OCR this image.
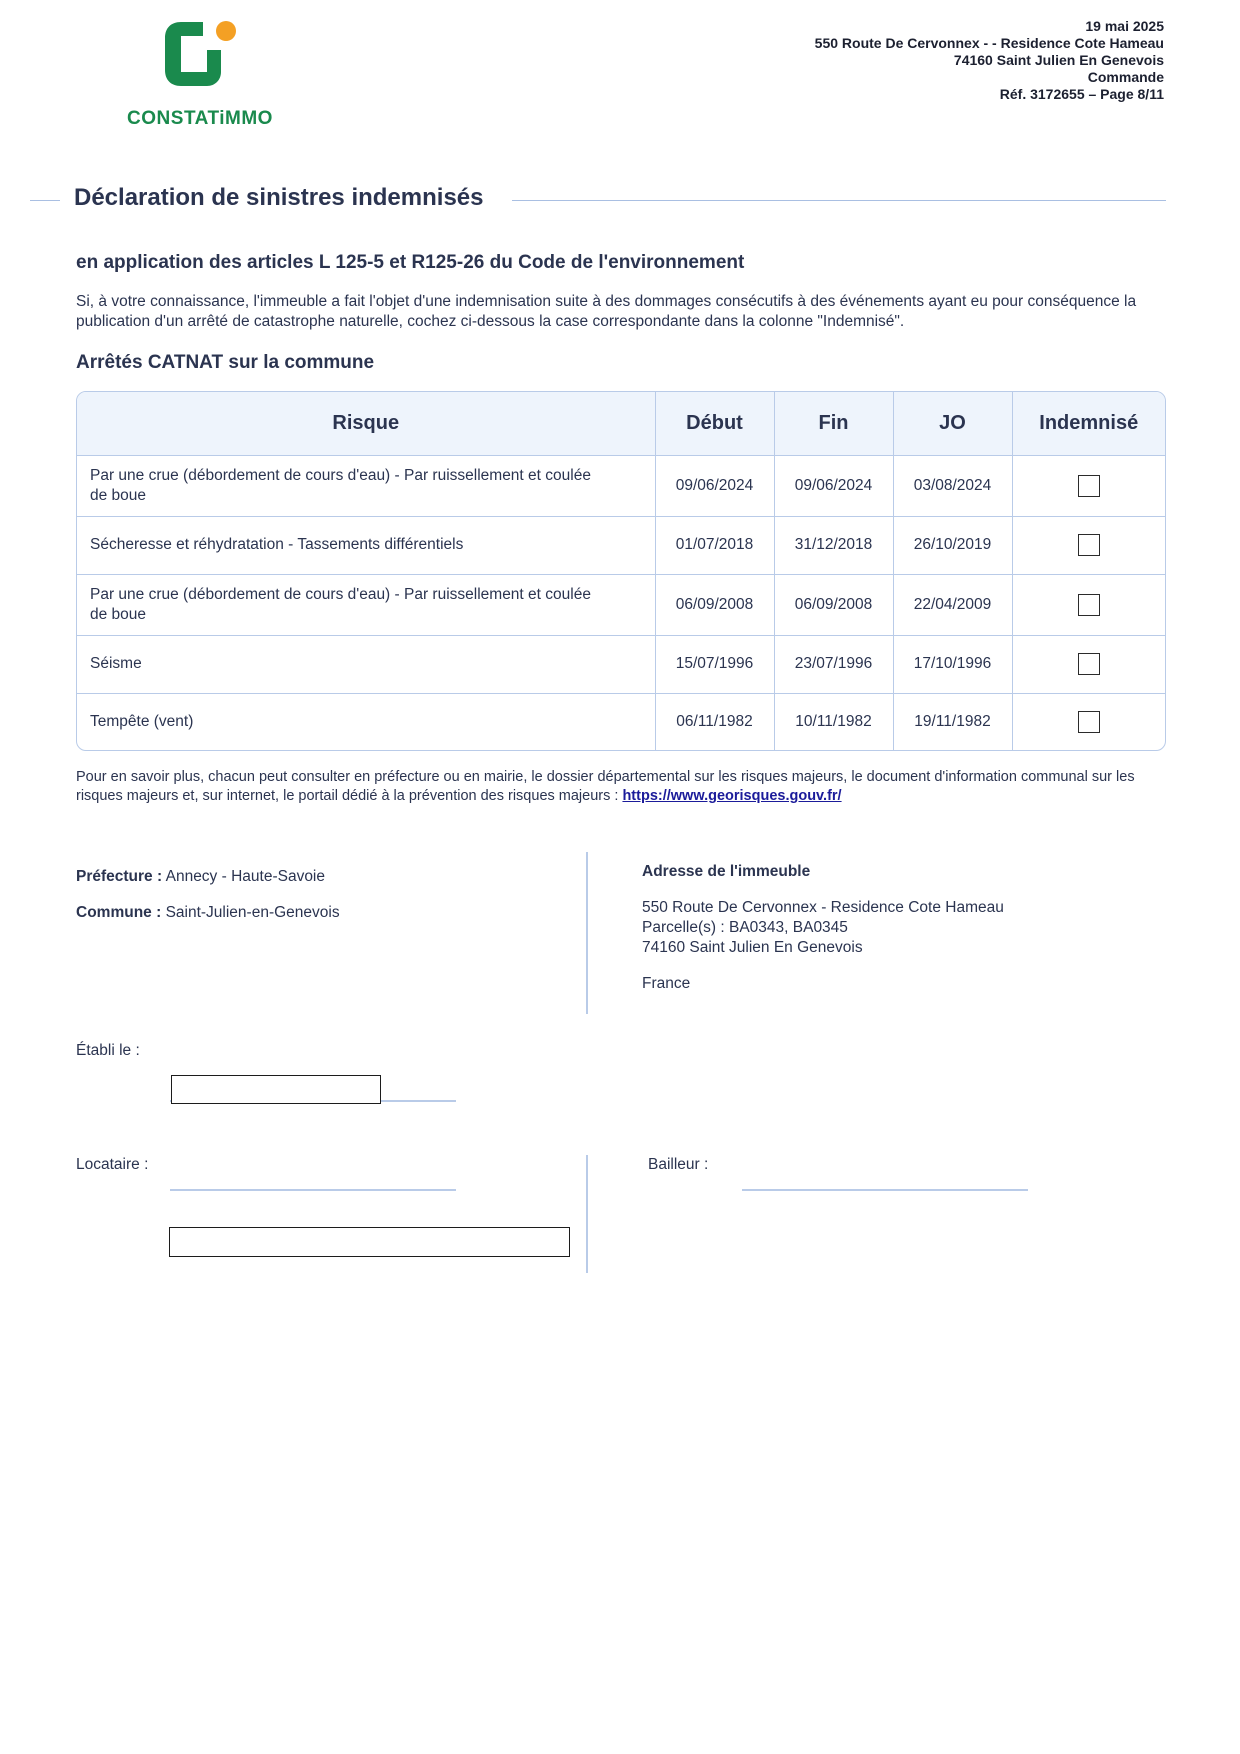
CONSTATiMMO
19 mai 2025
550 Route De Cervonnex - - Residence Cote Hameau
74160 Saint Julien En Genevois
Commande
Réf. 3172655 – Page 8/11
Déclaration de sinistres indemnisés
en application des articles L 125-5 et R125-26 du Code de l'environnement
Si, à votre connaissance, l'immeuble a fait l'objet d'une indemnisation suite à des dommages consécutifs à des événements ayant eu pour conséquence la publication d'un arrêté de catastrophe naturelle, cochez ci-dessous la case correspondante dans la colonne "Indemnisé".
Arrêtés CATNAT sur la commune
Risque	Début	Fin	JO	Indemnisé
Par une crue (débordement de cours d'eau) - Par ruissellement et coulée de boue	09/06/2024	09/06/2024	03/08/2024	
Sécheresse et réhydratation - Tassements différentiels	01/07/2018	31/12/2018	26/10/2019	
Par une crue (débordement de cours d'eau) - Par ruissellement et coulée de boue	06/09/2008	06/09/2008	22/04/2009	
Séisme	15/07/1996	23/07/1996	17/10/1996	
Tempête (vent)	06/11/1982	10/11/1982	19/11/1982	
Pour en savoir plus, chacun peut consulter en préfecture ou en mairie, le dossier départemental sur les risques majeurs, le document d'information communal sur les risques majeurs et, sur internet, le portail dédié à la prévention des risques majeurs : https://www.georisques.gouv.fr/
Préfecture : Annecy - Haute-Savoie
Commune : Saint-Julien-en-Genevois
Adresse de l'immeuble
550 Route De Cervonnex - Residence Cote Hameau
Parcelle(s) : BA0343, BA0345
74160 Saint Julien En Genevois
France
Établi le :
Locataire :	Bailleur :
